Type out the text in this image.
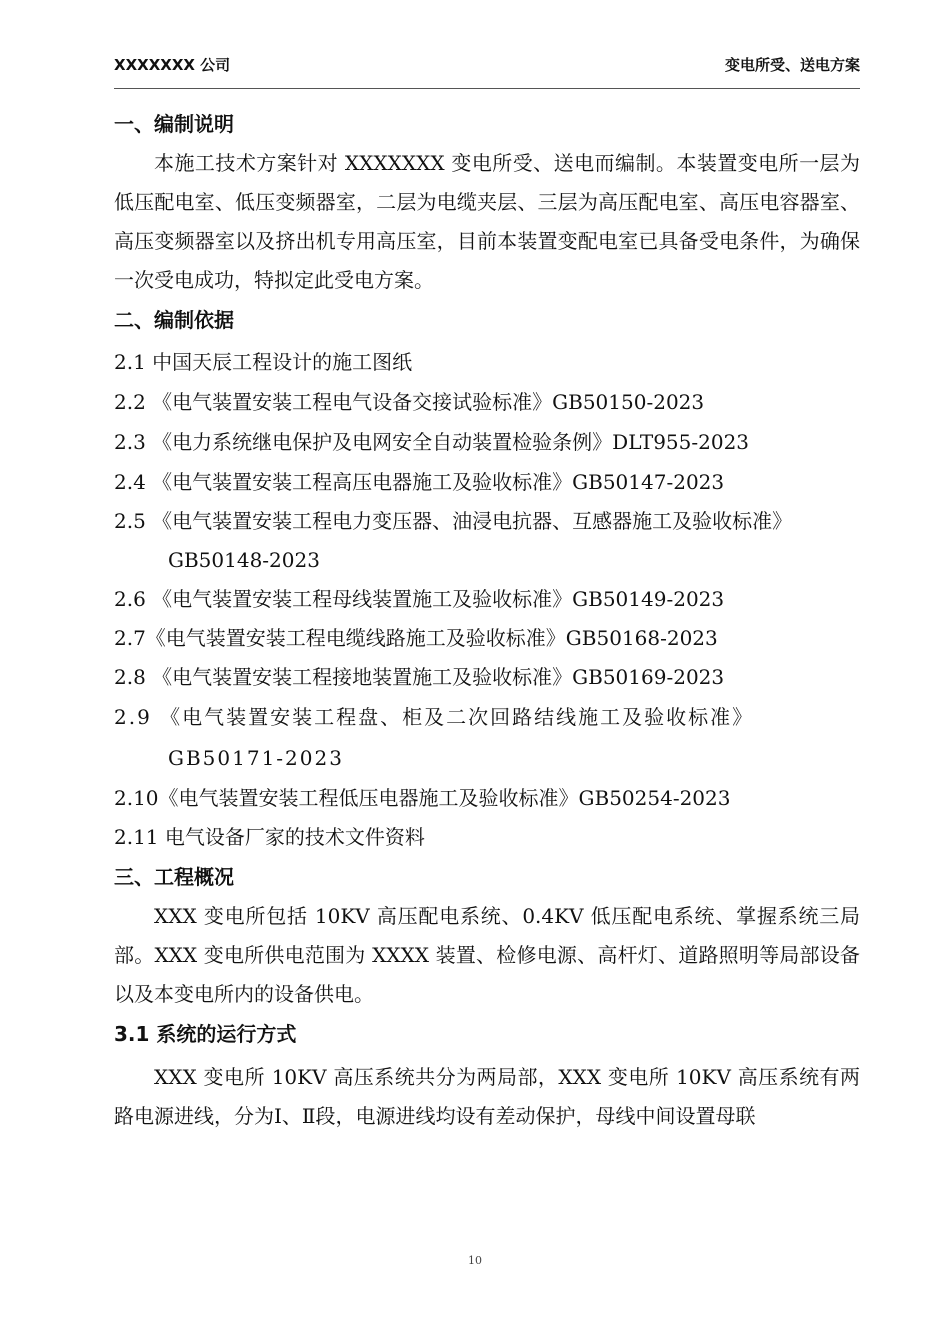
XXXXXXX 公司	变电所受、送电方案
一、编制说明

本施工技术方案针对 XXXXXXX 变电所受、送电而编制。本装置变电所一层为低压配电室、低压变频器室，二层为电缆夹层、三层为高压配电室、高压电容器室、高压变频器室以及挤出机专用高压室，目前本装置变配电室已具备受电条件，为确保一次受电成功，特拟定此受电方案。

二、编制依据
2.1 中国天辰工程设计的施工图纸
2.2 《电气装置安装工程电气设备交接试验标准》GB50150-2023
2.3 《电力系统继电保护及电网安全自动装置检验条例》DLT955-2023
2.4 《电气装置安装工程高压电器施工及验收标准》GB50147-2023
2.5 《电气装置安装工程电力变压器、油浸电抗器、互感器施工及验收标准》GB50148-2023
2.6 《电气装置安装工程母线装置施工及验收标准》GB50149-2023
2.7《电气装置安装工程电缆线路施工及验收标准》GB50168-2023
2.8 《电气装置安装工程接地装置施工及验收标准》GB50169-2023
2.9 《电气装置安装工程盘、柜及二次回路结线施工及验收标准》GB50171-2023
2.10《电气装置安装工程低压电器施工及验收标准》GB50254-2023
2.11 电气设备厂家的技术文件资料
三、工程概况

XXX 变电所包括 10KV 高压配电系统、0.4KV 低压配电系统、掌握系统三局部。XXX 变电所供电范围为 XXXX 装置、检修电源、高杆灯、道路照明等局部设备以及本变电所内的设备供电。

3.1 系统的运行方式

XXX 变电所 10KV 高压系统共分为两局部，XXX 变电所 10KV 高压系统有两路电源进线，分为Ⅰ、Ⅱ段，电源进线均设有差动保护，母线中间设置母联

10
